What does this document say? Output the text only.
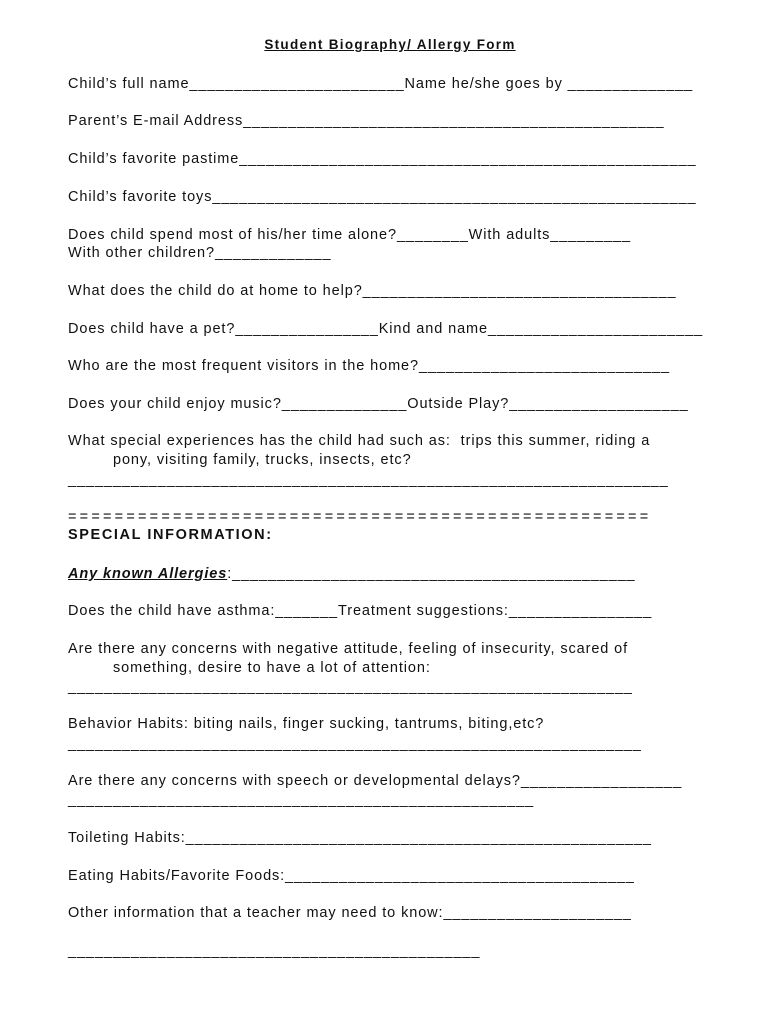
Student Biography/ Allergy Form
Child’s full name________________________Name he/she goes by ______________
Parent’s E-mail Address_______________________________________________
Child’s favorite pastime___________________________________________________
Child’s favorite toys______________________________________________________
Does child spend most of his/her time alone?________With adults_________
With other children?_____________
What does the child do at home to help?___________________________________
Does child have a pet?________________Kind and name________________________
Who are the most frequent visitors in the home?____________________________
Does your child enjoy music?______________Outside Play?____________________
What special experiences has the child had such as:  trips this summer, riding a
pony, visiting family, trucks, insects, etc?
___________________________________________________________________
==================================================
SPECIAL INFORMATION:
Any known Allergies:_____________________________________________
Does the child have asthma:_______Treatment suggestions:________________
Are there any concerns with negative attitude, feeling of insecurity, scared of
something, desire to have a lot of attention:
_______________________________________________________________
Behavior Habits: biting nails, finger sucking, tantrums, biting,etc?
________________________________________________________________
Are there any concerns with speech or developmental delays?__________________
____________________________________________________
Toileting Habits:____________________________________________________
Eating Habits/Favorite Foods:_______________________________________
Other information that a teacher may need to know:_____________________
______________________________________________
